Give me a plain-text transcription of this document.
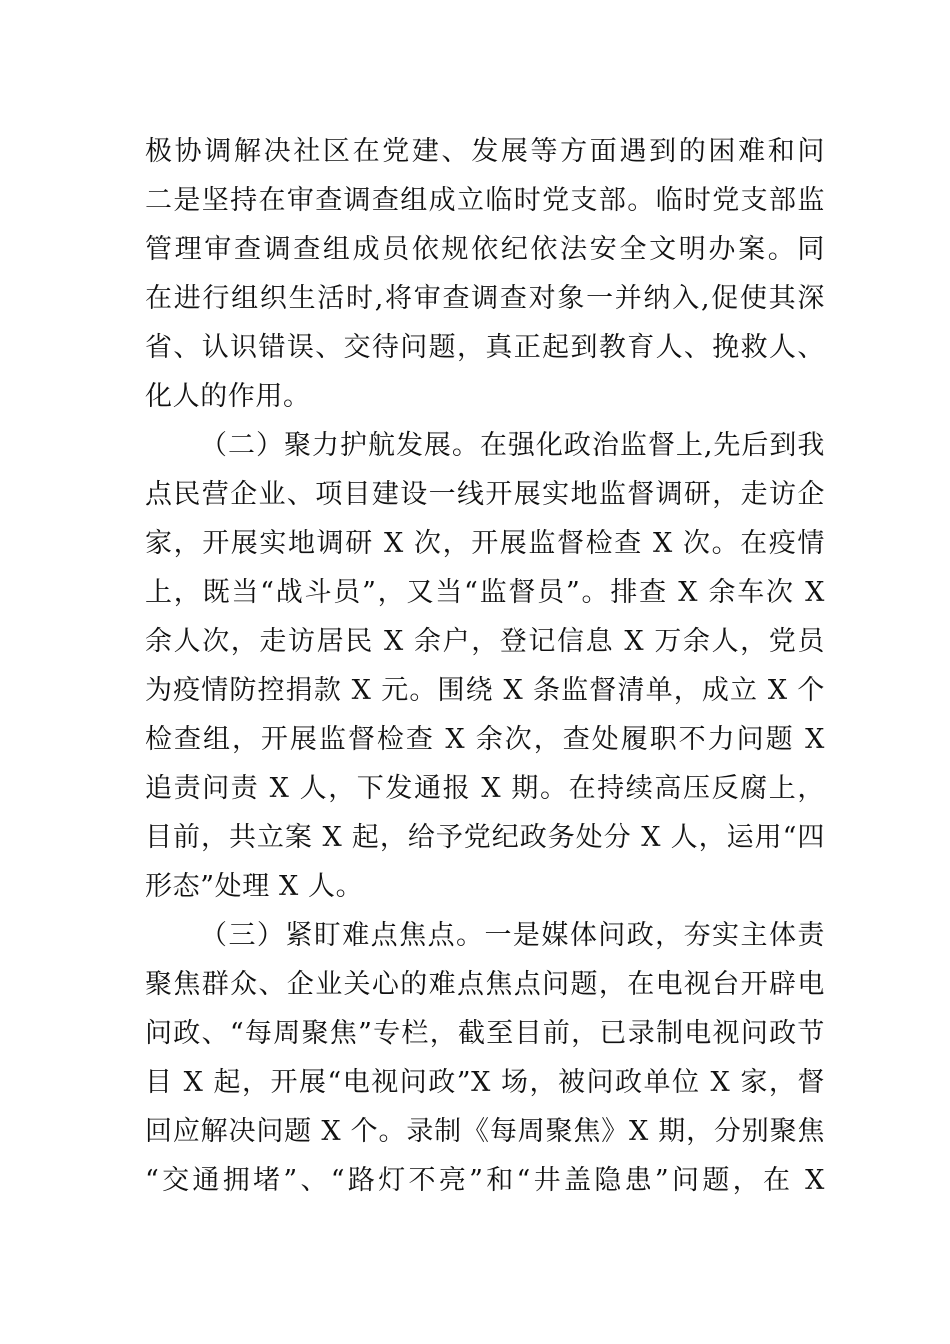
极协调解决社区在党建、发展等方面遇到的困难和问
二是坚持在审查调查组成立临时党支部。临时党支部监
管理审查调查组成员依规依纪依法安全文明办案。同
在进行组织生活时,将审查调查对象一并纳入,促使其深
省、认识错误、交待问题，真正起到教育人、挽救人、
化人的作用。
（二）聚力护航发展。在强化政治监督上,先后到我
点民营企业、项目建设一线开展实地监督调研，走访企
家，开展实地调研 X 次，开展监督检查 X 次。在疫情
上，既当“战斗员”，又当“监督员”。排查 X 余车次 X
余人次，走访居民 X 余户，登记信息 X 万余人，党员
为疫情防控捐款 X 元。围绕 X 条监督清单，成立 X 个
检查组，开展监督检查 X 余次，查处履职不力问题 X
追责问责 X 人，下发通报 X 期。在持续高压反腐上，
目前，共立案 X 起，给予党纪政务处分 X 人，运用“四
形态”处理 X 人。
（三）紧盯难点焦点。一是媒体问政，夯实主体责
聚焦群众、企业关心的难点焦点问题，在电视台开辟电
问政、“每周聚焦”专栏，截至目前，已录制电视问政节
目 X 起，开展“电视问政”X 场，被问政单位 X 家，督
回应解决问题 X 个。录制《每周聚焦》X 期，分别聚焦
“交通拥堵”、“路灯不亮”和“井盖隐患”问题，在 X
